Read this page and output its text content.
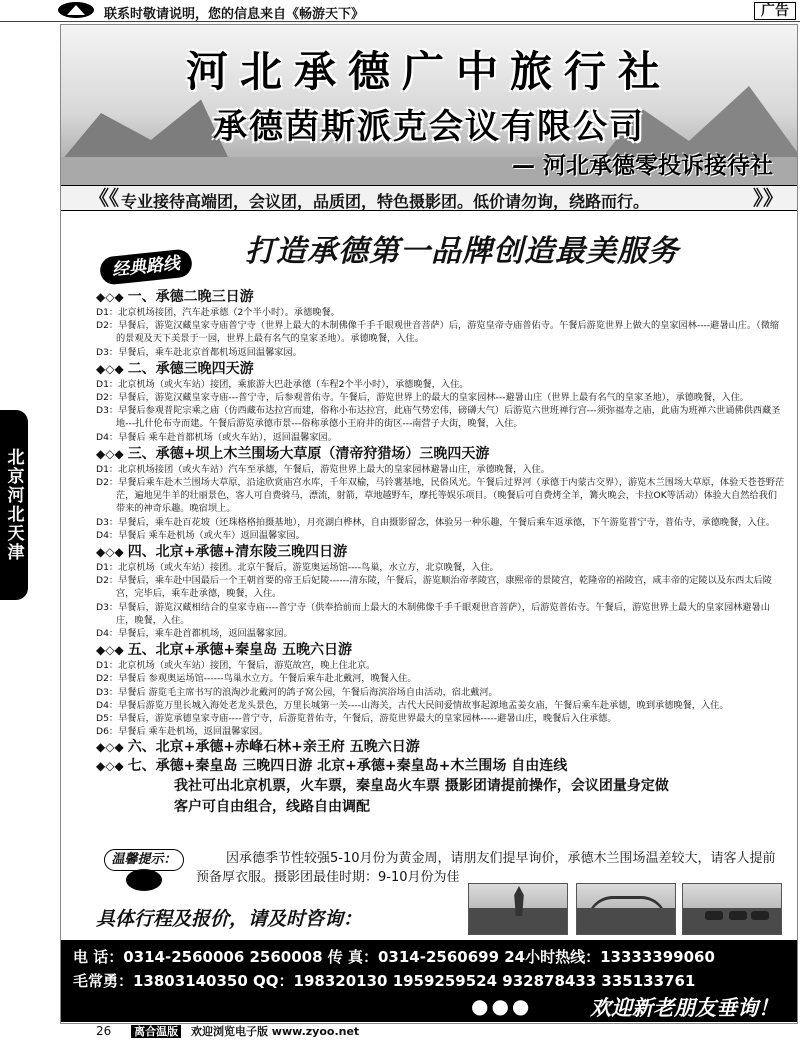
联系时敬请说明，您的信息来自《畅游天下》	广告
北京河北天津
河北承德广中旅行社
承德茵斯派克会议有限公司
— 河北承德零投诉接待社
《《 专业接待高端团，会议团，品质团，特色摄影团。低价请勿询，绕路而行。	》》
打造承德第一品牌创造最美服务
经典路线
◆◇◆ 一、承德二晚三日游
D1：北京机场接团，汽车赴承德（2个半小时）。承德晚餐。
D2：早餐后，游览汉藏皇家寺庙普宁寺（世界上最大的木制佛像千手千眼观世音菩萨）后，游览皇帝寺庙普佑寺。午餐后游览世界上做大的皇家园林----避暑山庄。（微缩的景观及天下美景于一园，世界上最有名气的皇家圣地）。承德晚餐，入住。
D3：早餐后，乘车赴北京首都机场返回温馨家园。
◆◇◆ 二、承德三晚四天游
D1：北京机场（或火车站）接团，乘旅游大巴赴承德（车程2个半小时），承德晚餐，入住。
D2：早餐后，游览汉藏皇家寺庙---普宁寺，后参观普佑寺。午餐后，游览世界上的最大的皇家园林---避暑山庄（世界上最有名气的皇家圣地），承德晚餐，入住。
D3：早餐后参观普陀宗乘之庙（仿西藏布达拉宫而建，俗称小布达拉宫，此庙气势宏伟，磅礴大气）后游览六世班禅行宫---须弥福寿之庙，此庙为班禅六世诵佛供西藏圣地---扎什伦布寺而建。午餐后游览承德市景---俗称承德小王府井的街区---南营子大街，晚餐，入住。
D4：早餐后 乘车赴首都机场（或火车站），返回温馨家园。
◆◇◆ 三、承德+坝上木兰围场大草原（清帝狩猎场）三晚四天游
D1：北京机场接团（或火车站）汽车至承德，午餐后，游览世界上最大的皇家园林避暑山庄，承德晚餐，入住。
D2：早餐后乘车赴木兰围场大草原，沿途欣赏庙宫水库，千年双榆，马铃薯基地，民俗风光。午餐后过界河（承德于内蒙古交界），游览木兰围场大草原，体验天苍苍野茫茫，遍地见牛羊的壮丽景色，客人可自费骑马，漂流，射箭，草地越野车，摩托等娱乐项目。（晚餐后可自费烤全羊，篝火晚会，卡拉OK等活动）体验大自然给我们带来的神奇乐趣。晚宿坝上。
D3：早餐后，乘车赴百花坡（还珠格格拍摄基地），月亮湖白桦林，自由摄影留念，体验另一种乐趣，午餐后乘车返承德，下午游览普宁寺，普佑寺，承德晚餐，入住。
D4：早餐后 乘车赴机场（或火车）返回温馨家园。
◆◇◆ 四、北京+承德+清东陵三晚四日游
D1：北京机场（或火车站）接团。北京午餐后，游览奥运场馆----鸟巢，水立方，北京晚餐，入住。
D2：早餐后，乘车赴中国最后一个王朝首要的帝王后妃陵------清东陵，午餐后，游览顺治帝孝陵宫，康熙帝的景陵宫，乾隆帝的裕陵宫，咸丰帝的定陵以及东西太后陵宫，完毕后，乘车赴承德，晚餐，入住。
D3：早餐后，游览汉藏相结合的皇家寺庙----普宁寺（供奉拾前而上最大的木制佛像千手千眼观世音菩萨），后游览普佑寺。午餐后，游览世界上最大的皇家园林避暑山庄，晚餐，入住。
D4：早餐后，乘车赴首都机场，返回温馨家园。
◆◇◆ 五、北京+承德+秦皇岛 五晚六日游
D1：北京机场（或火车站）接团，午餐后，游览故宫，晚上住北京。
D2：早餐后 参观奥运场馆------鸟巢水立方。午餐后乘车赴北戴河，晚餐入住。
D3：早餐后 游览毛主席书写的浪淘沙北戴河的鸽子窝公园，午餐后海滨浴场自由活动，宿北戴河。
D4：早餐后游览万里长城入海处老龙头景色，万里长城第一关----山海关，古代大民间爱情故事起源地孟姜女庙，午餐后乘车赴承德，晚到承德晚餐，入住。
D5：早餐后，游览承德皇家寺庙----普宁寺，后游览普佑寺，午餐后，游览世界最大的皇家园林-----避暑山庄，晚餐后入住承德。
D6：早餐后 乘车赴机场，返回温馨家园。
◆◇◆ 六、北京+承德+赤峰石林+亲王府 五晚六日游
◆◇◆ 七、承德+秦皇岛 三晚四日游 北京+承德+秦皇岛+木兰围场 自由连线
我社可出北京机票，火车票，秦皇岛火车票 摄影团请提前操作，会议团量身定做
客户可自由组合，线路自由调配
温馨提示：	因承德季节性较强5-10月份为黄金周，请朋友们提早询价，承德木兰围场温差较大，请客人提前预备厚衣服。摄影团最佳时期：9-10月份为佳
具体行程及报价，请及时咨询：
电 话：0314-2560006 2560008 传 真：0314-2560699 24小时热线：13333399060
毛常勇：13803140350 QQ：198320130 1959259524 932878433 335133761
●●●	欢迎新老朋友垂询！
26 离合温版 欢迎浏览电子版 www.zyoo.net
